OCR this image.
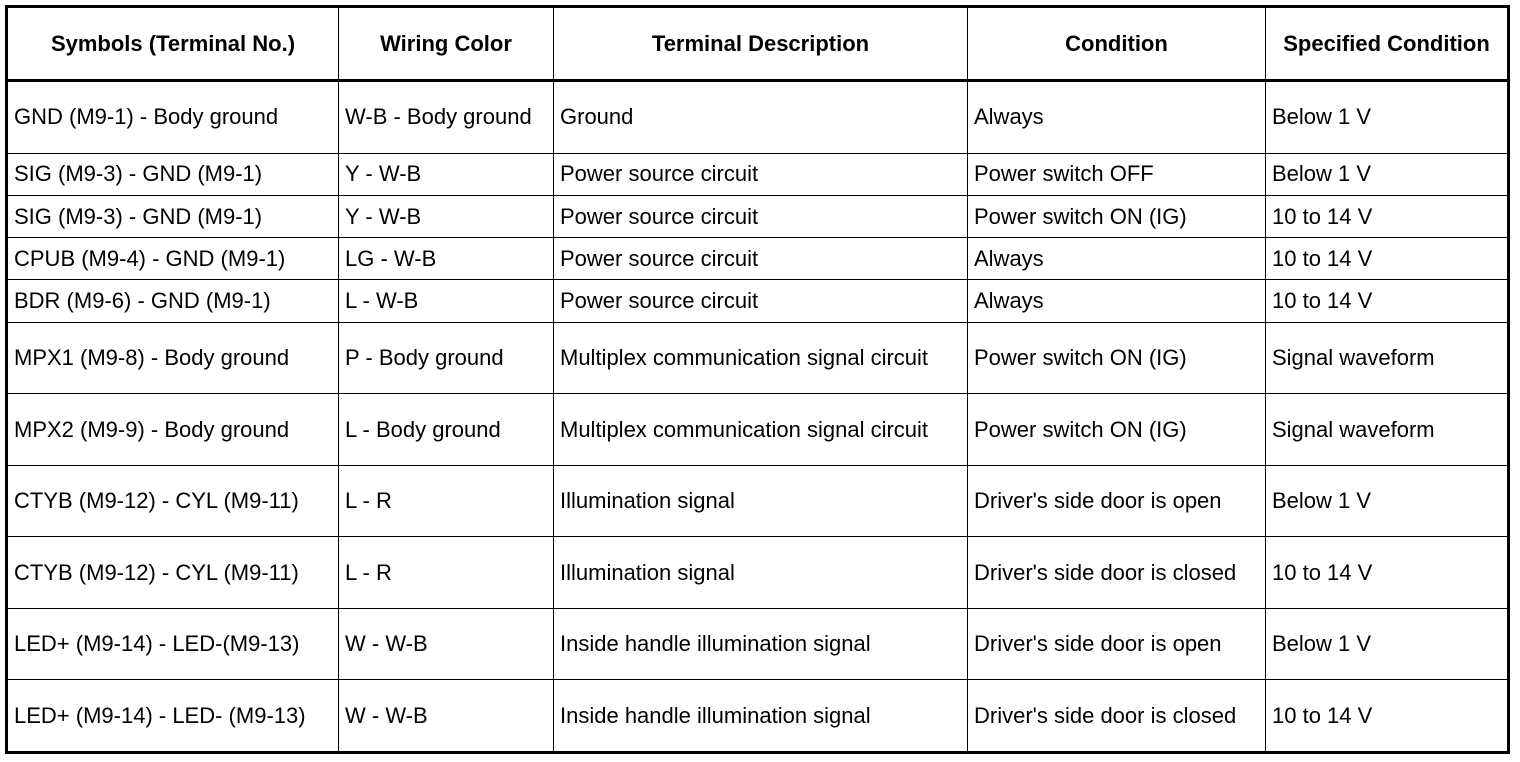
Symbols (Terminal No.)	Wiring Color	Terminal Description	Condition	Specified Condition
GND (M9-1) - Body ground	W-B - Body ground	Ground	Always	Below 1 V
SIG (M9-3) - GND (M9-1)	Y - W-B	Power source circuit	Power switch OFF	Below 1 V
SIG (M9-3) - GND (M9-1)	Y - W-B	Power source circuit	Power switch ON (IG)	10 to 14 V
CPUB (M9-4) - GND (M9-1)	LG - W-B	Power source circuit	Always	10 to 14 V
BDR (M9-6) - GND (M9-1)	L - W-B	Power source circuit	Always	10 to 14 V
MPX1 (M9-8) - Body ground	P - Body ground	Multiplex communication signal circuit	Power switch ON (IG)	Signal waveform
MPX2 (M9-9) - Body ground	L - Body ground	Multiplex communication signal circuit	Power switch ON (IG)	Signal waveform
CTYB (M9-12) - CYL (M9-11)	L - R	Illumination signal	Driver's side door is open	Below 1 V
CTYB (M9-12) - CYL (M9-11)	L - R	Illumination signal	Driver's side door is closed	10 to 14 V
LED+ (M9-14) - LED-(M9-13)	W - W-B	Inside handle illumination signal	Driver's side door is open	Below 1 V
LED+ (M9-14) - LED- (M9-13)	W - W-B	Inside handle illumination signal	Driver's side door is closed	10 to 14 V
